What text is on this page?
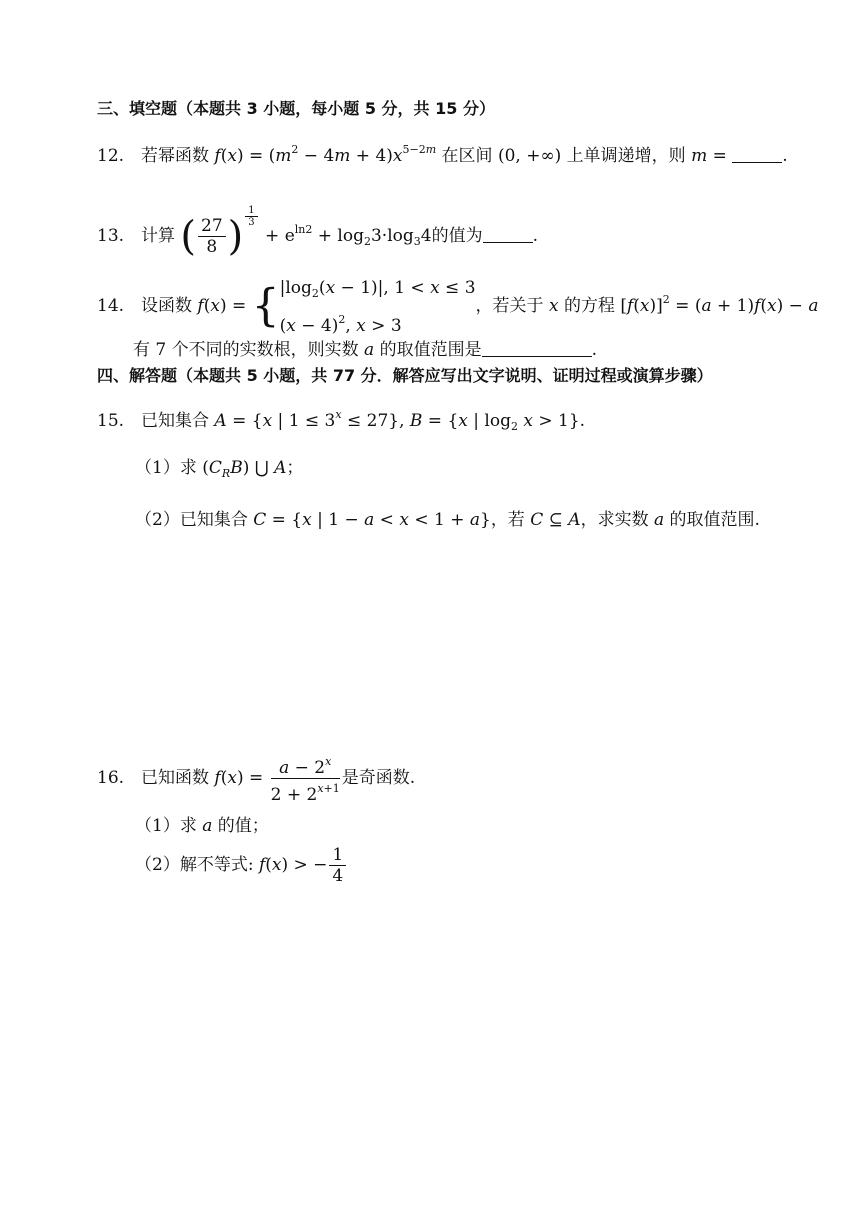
三、填空题（本题共 3 小题，每小题 5 分，共 15 分）
12. 若幂函数 $f(x) = (m^2 - 4m + 4)x^{5-2m}$ 在区间 (0, +∞) 上单调递增，则 m =	.
13. 计算 ( $\frac{27}{8}$ ) $^{\frac{1}{3}}$
+ $e^{ln2} + \log_23\cdot\log_34$的值为	.
14. 设函数 f(x) = { $|\log_2(x - 1)|$, 1 < x ≤ 3
$(x - 4)^2$, x > 3
，若关于 x 的方程 $[f(x)]^2 = (a + 1)f(x) - a$
有 7 个不同的实数根，则实数 a 的取值范围是	.
四、解答题（本题共 5 小题，共 77 分．解答应写出文字说明、证明过程或演算步骤）
15. 已知集合 A = {x | $1 \le 3^x \le 27$}, B = {x | $\log_2 x > 1$}.
（1）求 $(C_RB)$ ⋃ A；
（2）已知集合 C = {x | 1 − a < x < 1 + a}，若 C ⊆ A，求实数 a 的取值范围.
16. 已知函数 $f(x) = \frac{a - 2^x}{2 + 2^{x+1}}$ 是奇函数.
（1）求 a 的值；
（2）解不等式: f(x) > − $\frac{1}{4}$
